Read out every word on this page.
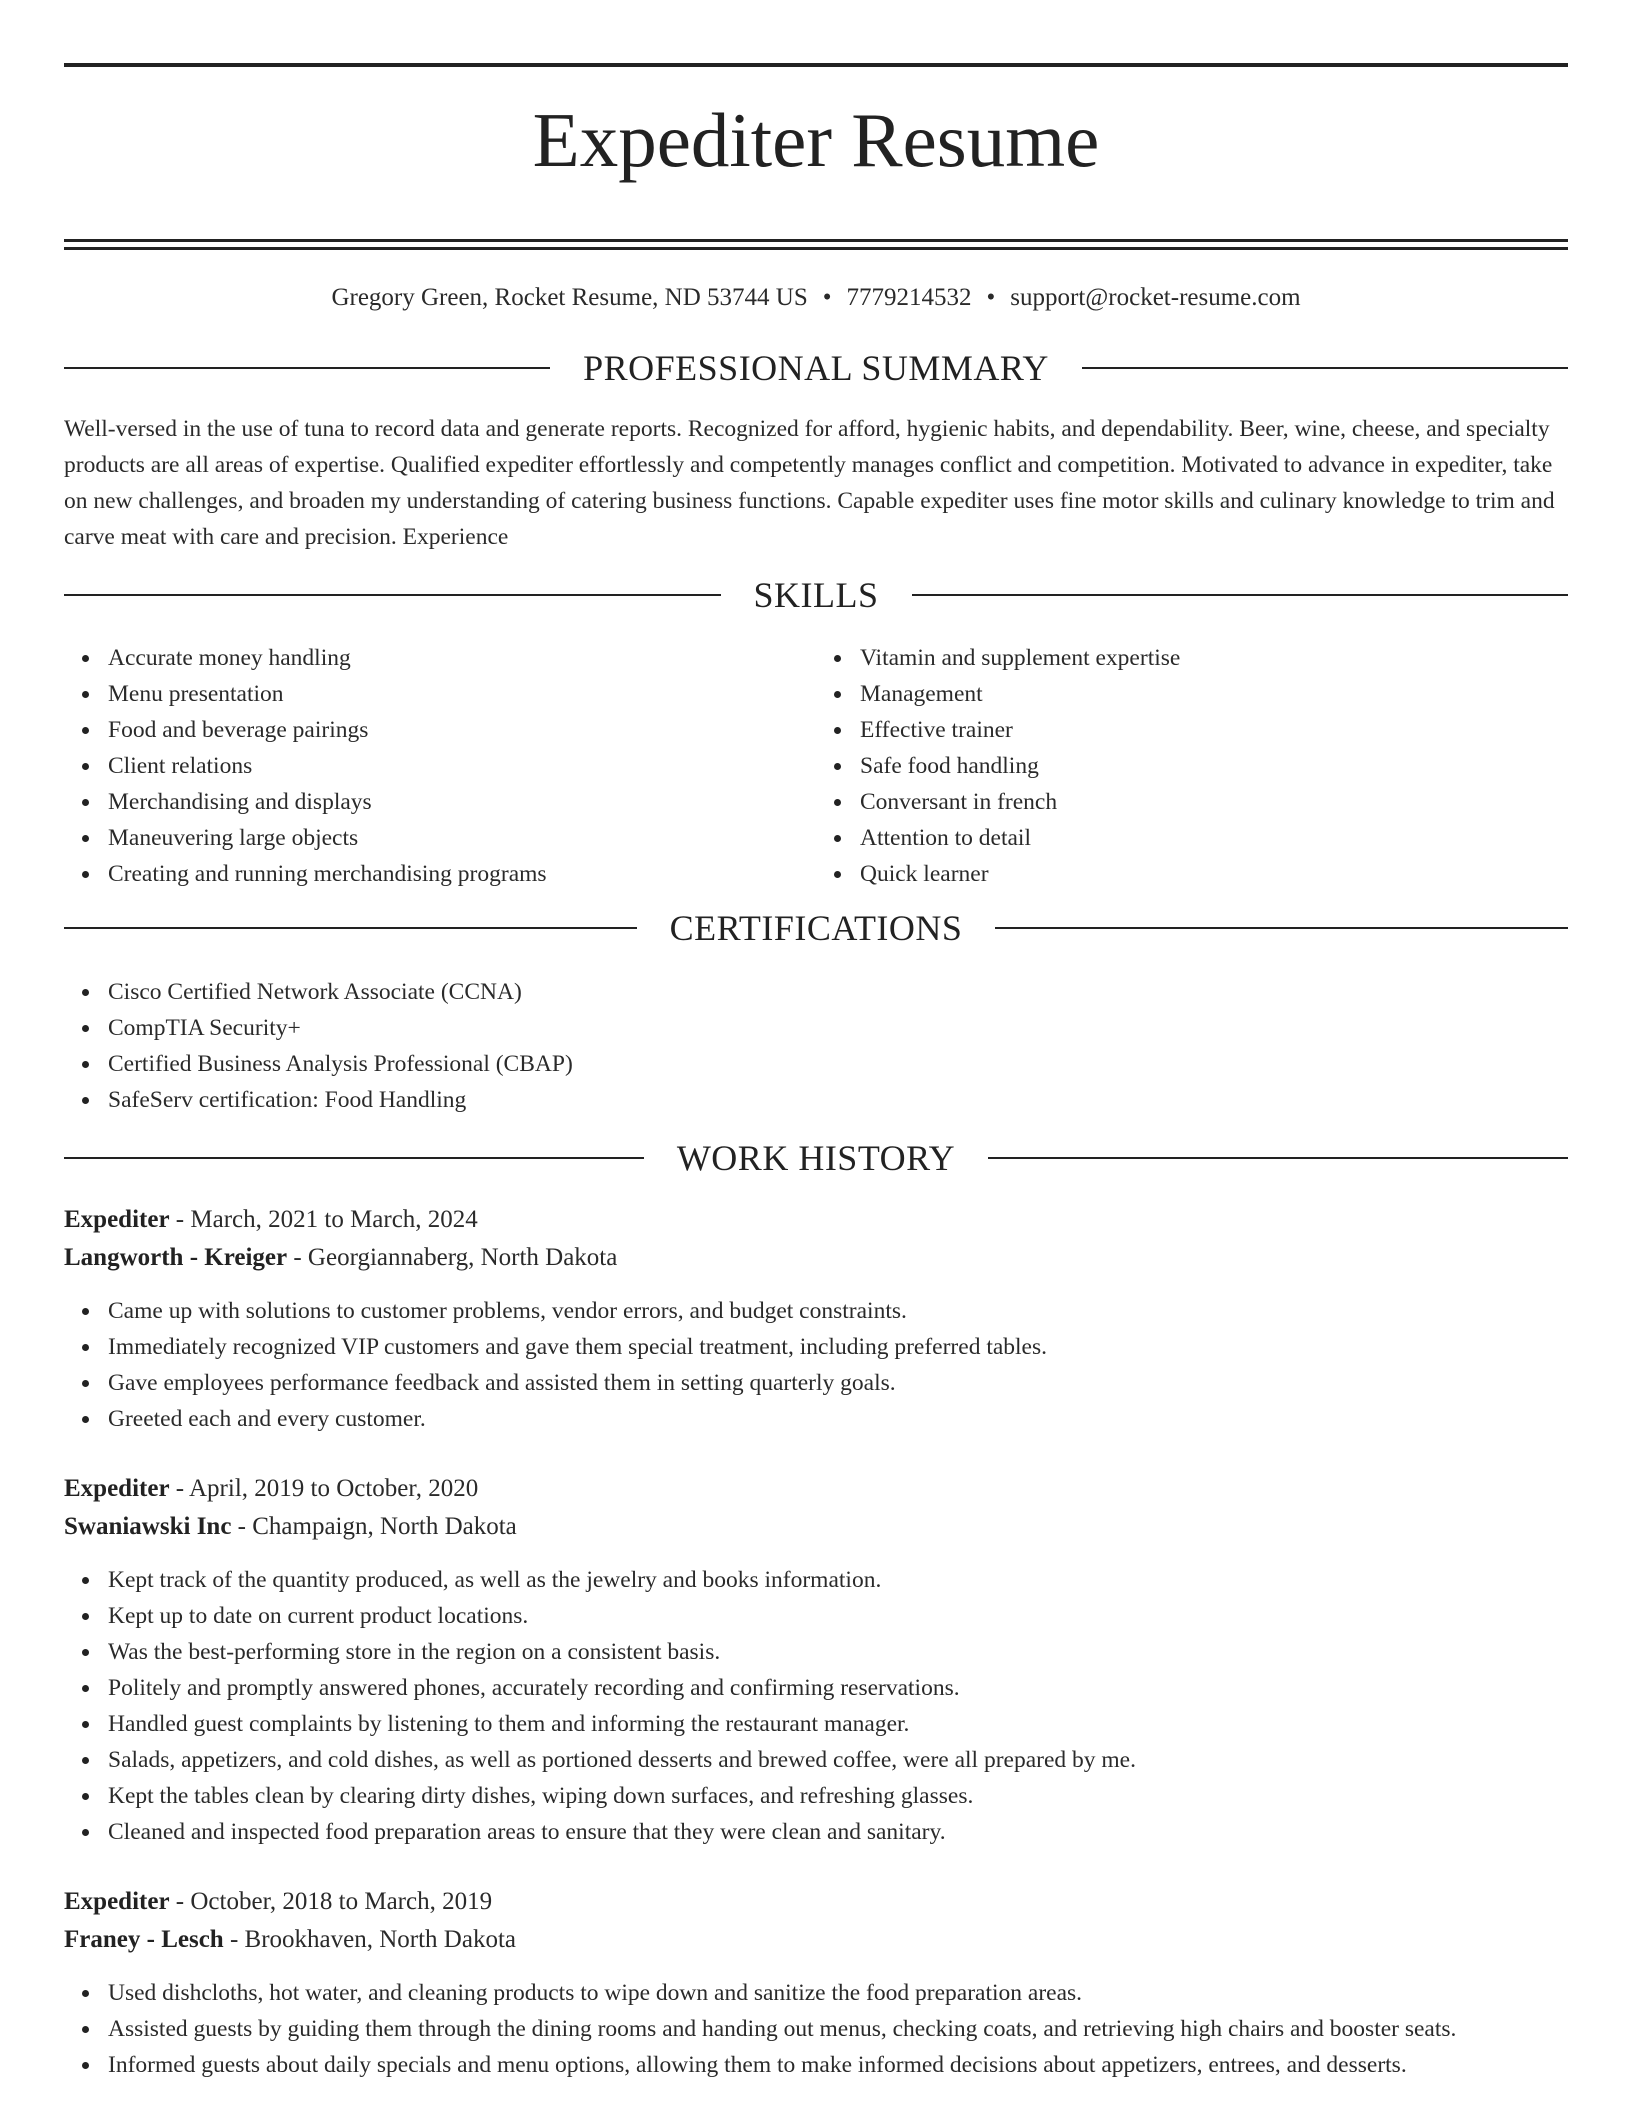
Expediter Resume
Gregory Green, Rocket Resume, ND 53744 US • 7779214532 • support@rocket-resume.com
PROFESSIONAL SUMMARY
Well-versed in the use of tuna to record data and generate reports. Recognized for afford, hygienic habits, and dependability. Beer, wine, cheese, and specialty products are all areas of expertise. Qualified expediter effortlessly and competently manages conflict and competition. Motivated to advance in expediter, take on new challenges, and broaden my understanding of catering business functions. Capable expediter uses fine motor skills and culinary knowledge to trim and carve meat with care and precision. Experience
SKILLS
Accurate money handling
Menu presentation
Food and beverage pairings
Client relations
Merchandising and displays
Maneuvering large objects
Creating and running merchandising programs
Vitamin and supplement expertise
Management
Effective trainer
Safe food handling
Conversant in french
Attention to detail
Quick learner
CERTIFICATIONS
Cisco Certified Network Associate (CCNA)
CompTIA Security+
Certified Business Analysis Professional (CBAP)
SafeServ certification: Food Handling
WORK HISTORY
Expediter - March, 2021 to March, 2024
Langworth - Kreiger - Georgiannaberg, North Dakota
Came up with solutions to customer problems, vendor errors, and budget constraints.
Immediately recognized VIP customers and gave them special treatment, including preferred tables.
Gave employees performance feedback and assisted them in setting quarterly goals.
Greeted each and every customer.
Expediter - April, 2019 to October, 2020
Swaniawski Inc - Champaign, North Dakota
Kept track of the quantity produced, as well as the jewelry and books information.
Kept up to date on current product locations.
Was the best-performing store in the region on a consistent basis.
Politely and promptly answered phones, accurately recording and confirming reservations.
Handled guest complaints by listening to them and informing the restaurant manager.
Salads, appetizers, and cold dishes, as well as portioned desserts and brewed coffee, were all prepared by me.
Kept the tables clean by clearing dirty dishes, wiping down surfaces, and refreshing glasses.
Cleaned and inspected food preparation areas to ensure that they were clean and sanitary.
Expediter - October, 2018 to March, 2019
Franey - Lesch - Brookhaven, North Dakota
Used dishcloths, hot water, and cleaning products to wipe down and sanitize the food preparation areas.
Assisted guests by guiding them through the dining rooms and handing out menus, checking coats, and retrieving high chairs and booster seats.
Informed guests about daily specials and menu options, allowing them to make informed decisions about appetizers, entrees, and desserts.
